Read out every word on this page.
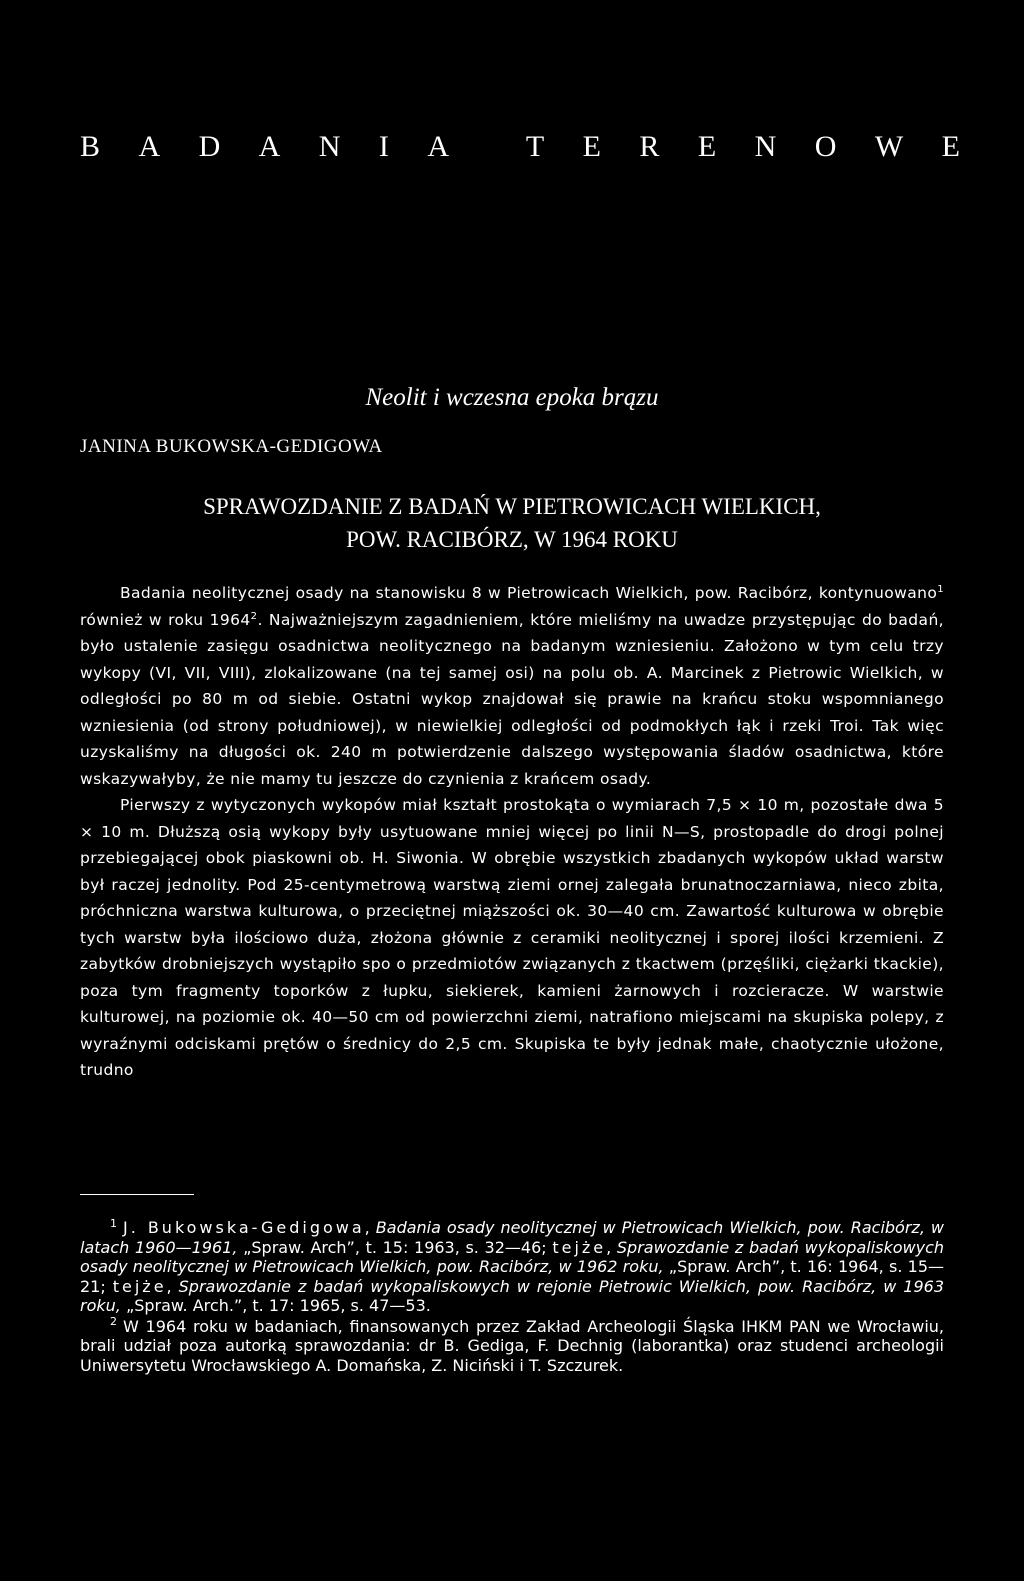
B A D A N I A	T E R E N O W E
Neolit i wczesna epoka brązu
JANINA BUKOWSKA-GEDIGOWA
SPRAWOZDANIE Z BADAŃ W PIETROWICACH WIELKICH,
POW. RACIBÓRZ, W 1964 ROKU

Badania neolitycznej osady na stanowisku 8 w Pietrowicach Wielkich, pow. Racibórz, kontynuowano$^1$ również w roku 1964$^2$. Najważniejszym zagadnieniem, które mieliśmy na uwadze przystępując do badań, było ustalenie zasięgu osadnictwa neolitycznego na badanym wzniesieniu. Założono w tym celu trzy wykopy (VI, VII, VIII), zlokalizowane (na tej samej osi) na polu ob. A. Marcinek z Pietrowic Wielkich, w odległości po 80 m od siebie. Ostatni wykop znajdował się prawie na krańcu stoku wspomnianego wzniesienia (od strony południowej), w niewielkiej odległości od podmokłych łąk i rzeki Troi. Tak więc uzyskaliśmy na długości ok. 240 m potwierdzenie dalszego występowania śladów osadnictwa, które wskazywałyby, że nie mamy tu jeszcze do czynienia z krańcem osady.

Pierwszy z wytyczonych wykopów miał kształt prostokąta o wymiarach 7,5 × 10 m, pozostałe dwa 5 × 10 m. Dłuższą osią wykopy były usytuowane mniej więcej po linii N—S, prostopadle do drogi polnej przebiegającej obok piaskowni ob. H. Siwonia. W obrębie wszystkich zbadanych wykopów układ warstw był raczej jednolity. Pod 25-centymetrową warstwą ziemi ornej zalegała brunatnoczarniawa, nieco zbita, próchniczna warstwa kulturowa, o przeciętnej miąższości ok. 30—40 cm. Zawartość kulturowa w obrębie tych warstw była ilościowo duża, złożona głównie z ceramiki neolitycznej i sporej ilości krzemieni. Z zabytków drobniejszych wystąpiło spo o przedmiotów związanych z tkactwem (przęśliki, ciężarki tkackie), poza tym fragmenty toporków z łupku, siekierek, kamieni żarnowych i rozcieracze. W warstwie kulturowej, na poziomie ok. 40—50 cm od powierzchni ziemi, natrafiono miejscami na skupiska polepy, z wyraźnymi odciskami prętów o średnicy do 2,5 cm. Skupiska te były jednak małe, chaotycznie ułożone, trudno

$^1$ J. Bukowska-Gedigowa, Badania osady neolitycznej w Pietrowicach Wielkich, pow. Racibórz, w latach 1960—1961, „Spraw. Arch”, t. 15: 1963, s. 32—46; tejże, Sprawozdanie z badań wykopaliskowych osady neolitycznej w Pietrowicach Wielkich, pow. Racibórz, w 1962 roku, „Spraw. Arch”, t. 16: 1964, s. 15—21; tejże, Sprawozdanie z badań wykopaliskowych w rejonie Pietrowic Wielkich, pow. Racibórz, w 1963 roku, „Spraw. Arch.”, t. 17: 1965, s. 47—53.

$^2$ W 1964 roku w badaniach, finansowanych przez Zakład Archeologii Śląska IHKM PAN we Wrocławiu, brali udział poza autorką sprawozdania: dr B. Gediga, F. Dechnig (laborantka) oraz studenci archeologii Uniwersytetu Wrocławskiego A. Domańska, Z. Niciński i T. Szczurek.
